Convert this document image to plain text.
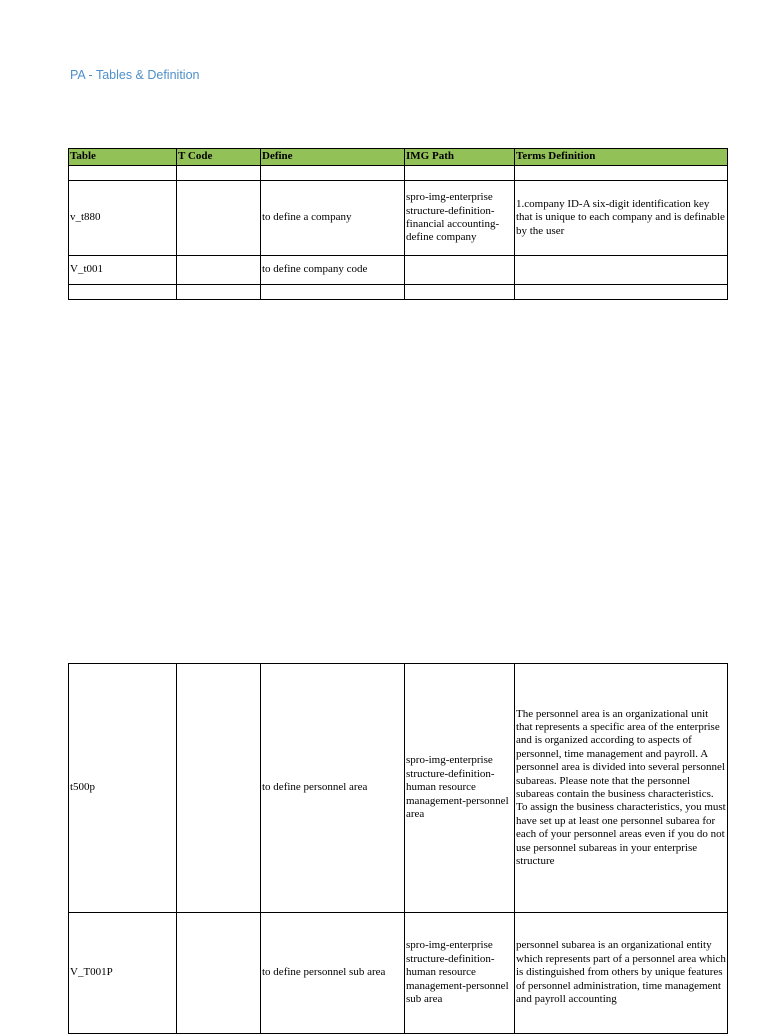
PA - Tables & Definition
Table	T Code	Define	IMG Path	Terms Definition

v_t880		to define a company	spro-img-enterprise structure-definition-financial accounting-define company	1.company ID-A six-digit identification key that is unique to each company and is definable by the user
V_t001		to define company code		

t500p		to define personnel area	spro-img-enterprise structure-definition-human resource management-personnel area	The personnel area is an organizational unit that represents a specific area of the enterprise and is organized according to aspects of personnel, time management and payroll. A personnel area is divided into several personnel subareas. Please note that the personnel subareas contain the business characteristics. To assign the business characteristics, you must have set up at least one personnel subarea for each of your personnel areas even if you do not use personnel subareas in your enterprise structure
V_T001P		to define personnel sub area	spro-img-enterprise structure-definition-human resource management-personnel sub area	personnel subarea is an organizational entity which represents part of a personnel area which is distinguished from others by unique features of personnel administration, time management and payroll accounting
